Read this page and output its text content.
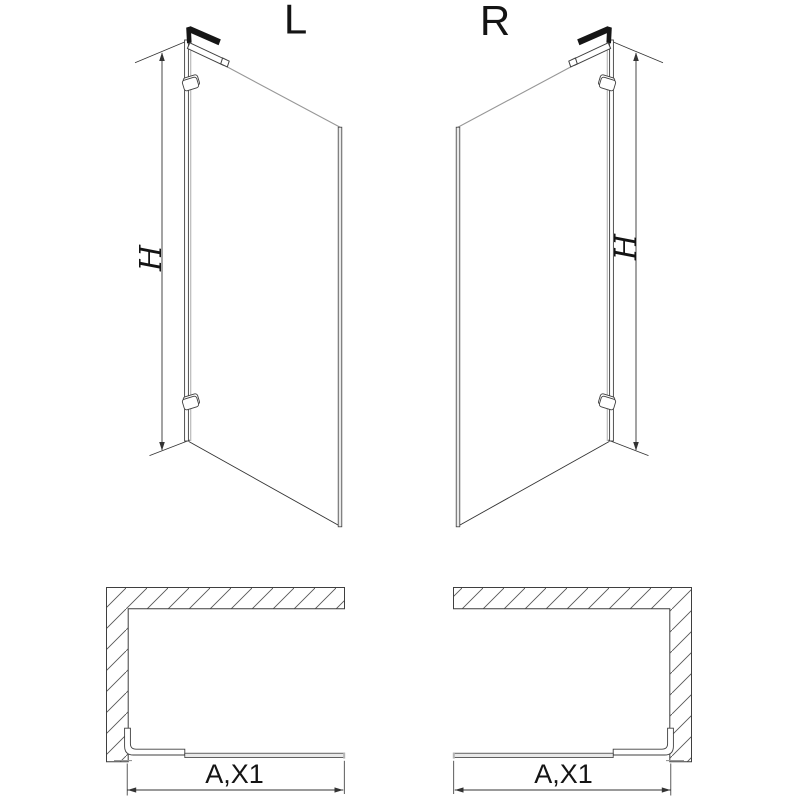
L	R
H	H
A,X1	A,X1
